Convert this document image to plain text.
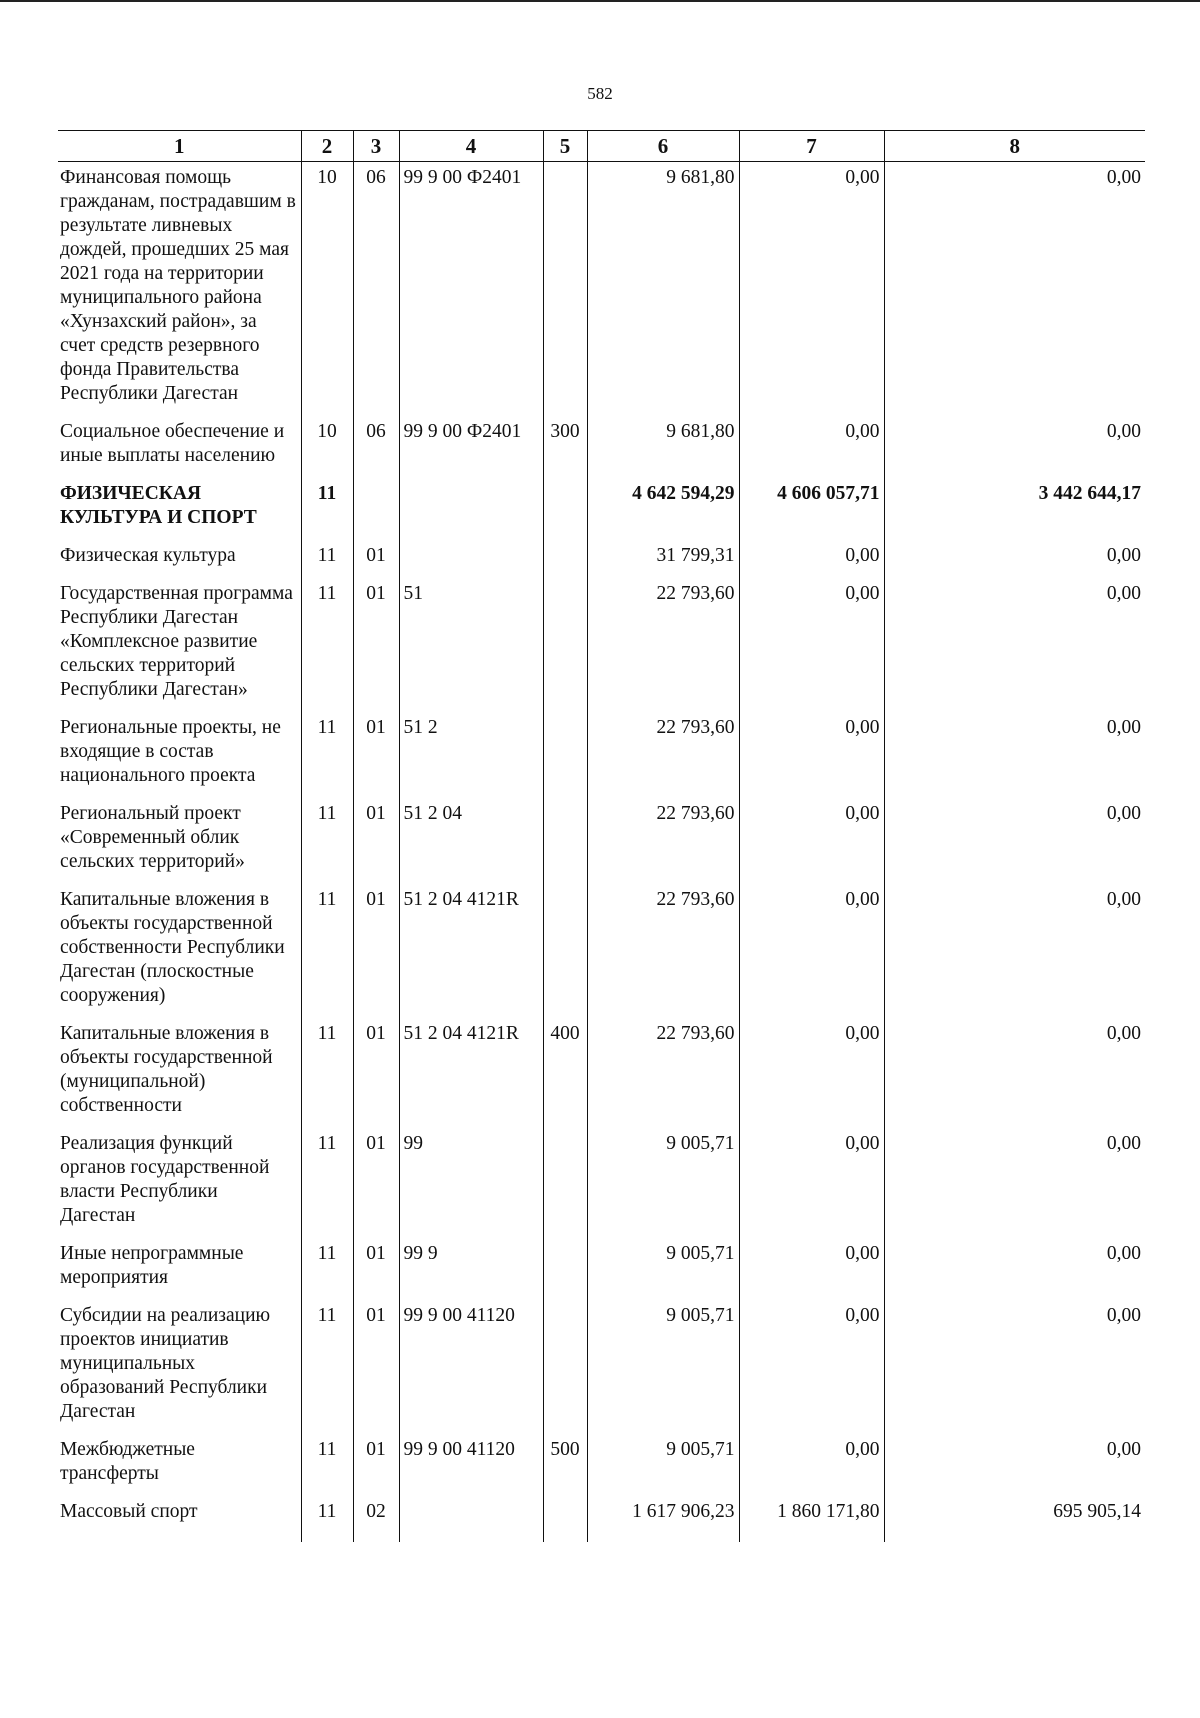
582
1	2	3	4	5	6	7	8
Финансовая помощь гражданам, пострадавшим в результате ливневых дождей, прошедших 25 мая 2021 года на территории муниципального района «Хунзахский район», за счет средств резервного фонда Правительства Республики Дагестан	10	06	99 9 00 Ф2401		9 681,80	0,00	0,00
Социальное обеспечение и иные выплаты населению	10	06	99 9 00 Ф2401	300	9 681,80	0,00	0,00
ФИЗИЧЕСКАЯ КУЛЬТУРА И СПОРТ	11				4 642 594,29	4 606 057,71	3 442 644,17
Физическая культура	11	01			31 799,31	0,00	0,00
Государственная программа Республики Дагестан «Комплексное развитие сельских территорий Республики Дагестан»	11	01	51		22 793,60	0,00	0,00
Региональные проекты, не входящие в состав национального проекта	11	01	51 2		22 793,60	0,00	0,00
Региональный проект «Современный облик сельских территорий»	11	01	51 2 04		22 793,60	0,00	0,00
Капитальные вложения в объекты государственной собственности Республики Дагестан (плоскостные сооружения)	11	01	51 2 04 4121R		22 793,60	0,00	0,00
Капитальные вложения в объекты государственной (муниципальной) собственности	11	01	51 2 04 4121R	400	22 793,60	0,00	0,00
Реализация функций органов государственной власти Республики Дагестан	11	01	99		9 005,71	0,00	0,00
Иные непрограммные мероприятия	11	01	99 9		9 005,71	0,00	0,00
Субсидии на реализацию проектов инициатив муниципальных образований Республики Дагестан	11	01	99 9 00 41120		9 005,71	0,00	0,00
Межбюджетные трансферты	11	01	99 9 00 41120	500	9 005,71	0,00	0,00
Массовый спорт	11	02			1 617 906,23	1 860 171,80	695 905,14
